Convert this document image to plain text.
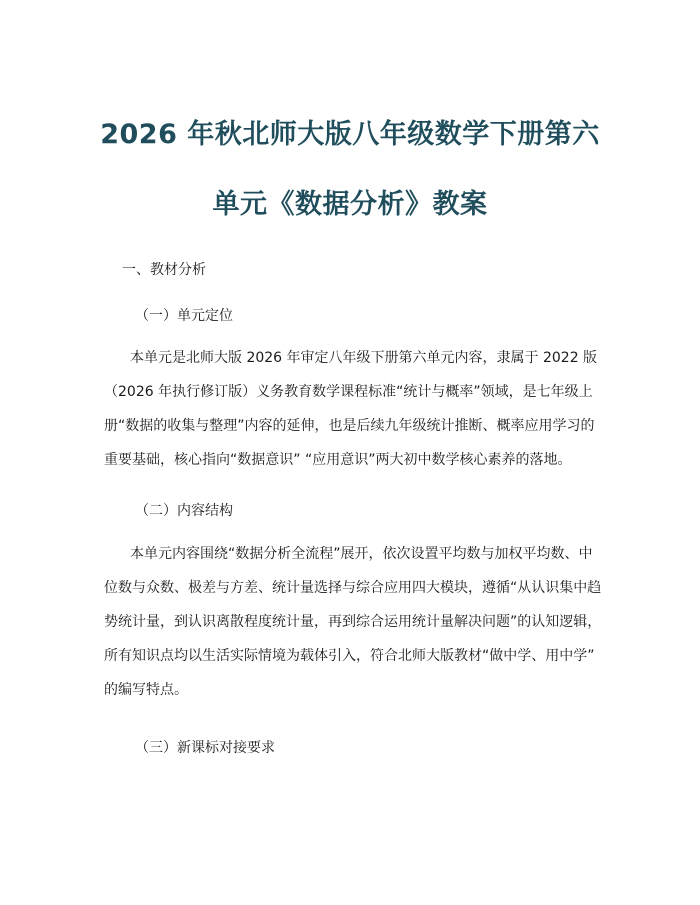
2026 年秋北师大版八年级数学下册第六
单元《数据分析》教案
一、教材分析
（一）单元定位
本单元是北师大版 2026 年审定八年级下册第六单元内容，隶属于 2022 版
（2026 年执行修订版）义务教育数学课程标准“统计与概率”领域，是七年级上
册“数据的收集与整理”内容的延伸，也是后续九年级统计推断、概率应用学习的
重要基础，核心指向“数据意识” “应用意识”两大初中数学核心素养的落地。
（二）内容结构
本单元内容围绕“数据分析全流程”展开，依次设置平均数与加权平均数、中
位数与众数、极差与方差、统计量选择与综合应用四大模块，遵循“从认识集中趋
势统计量，到认识离散程度统计量，再到综合运用统计量解决问题”的认知逻辑，
所有知识点均以生活实际情境为载体引入，符合北师大版教材“做中学、用中学”
的编写特点。
（三）新课标对接要求
